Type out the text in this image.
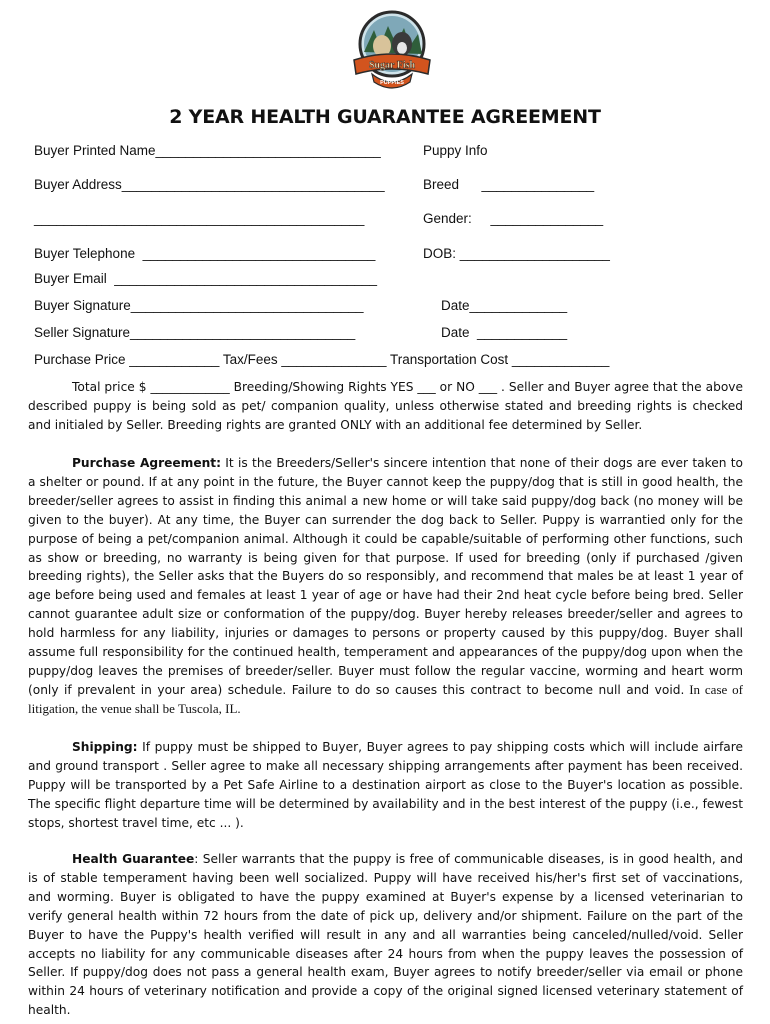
Sugar Fish
PUPPIES
2 YEAR HEALTH GUARANTEE AGREEMENT
Buyer Printed Name______________________________	Puppy Info
Buyer Address___________________________________	Breed      _______________
____________________________________________	Gender:     _______________
Buyer Telephone  _______________________________	DOB: ____________________
Buyer Email  ___________________________________
Buyer Signature_______________________________	Date_____________
Seller Signature______________________________	Date  ____________
Purchase Price ____________ Tax/Fees ______________ Transportation Cost _____________

Total price $ _____________ Breeding/Showing Rights YES ___ or NO ___ . Seller and Buyer agree that the above described puppy is being sold as pet/ companion quality, unless otherwise stated and breeding rights is checked and initialed by Seller. Breeding rights are granted ONLY with an additional fee determined by Seller.

Purchase Agreement: It is the Breeders/Seller's sincere intention that none of their dogs are ever taken to a shelter or pound. If at any point in the future, the Buyer cannot keep the puppy/dog that is still in good health, the breeder/seller agrees to assist in finding this animal a new home or will take said puppy/dog back (no money will be given to the buyer). At any time, the Buyer can surrender the dog back to Seller. Puppy is warrantied only for the purpose of being a pet/companion animal. Although it could be capable/suitable of performing other functions, such as show or breeding, no warranty is being given for that purpose. If used for breeding (only if purchased /given breeding rights), the Seller asks that the Buyers do so responsibly, and recommend that males be at least 1 year of age before being used and females at least 1 year of age or have had their 2nd heat cycle before being bred. Seller cannot guarantee adult size or conformation of the puppy/dog. Buyer hereby releases breeder/seller and agrees to hold harmless for any liability, injuries or damages to persons or property caused by this puppy/dog. Buyer shall assume full responsibility for the continued health, temperament and appearances of the puppy/dog upon when the puppy/dog leaves the premises of breeder/seller. Buyer must follow the regular vaccine, worming and heart worm (only if prevalent in your area) schedule. Failure to do so causes this contract to become null and void. In case of litigation, the venue shall be Tuscola, IL.

Shipping: If puppy must be shipped to Buyer, Buyer agrees to pay shipping costs which will include airfare and ground transport . Seller agree to make all necessary shipping arrangements after payment has been received. Puppy will be transported by a Pet Safe Airline to a destination airport as close to the Buyer's location as possible. The specific flight departure time will be determined by availability and in the best interest of the puppy (i.e., fewest stops, shortest travel time, etc ... ).

Health Guarantee: Seller warrants that the puppy is free of communicable diseases, is in good health, and is of stable temperament having been well socialized. Puppy will have received his/her's first set of vaccinations, and worming. Buyer is obligated to have the puppy examined at Buyer's expense by a licensed veterinarian to verify general health within 72 hours from the date of pick up, delivery and/or shipment. Failure on the part of the Buyer to have the Puppy's health verified will result in any and all warranties being canceled/nulled/void. Seller accepts no liability for any communicable diseases after 24 hours from when the puppy leaves the possession of Seller. If puppy/dog does not pass a general health exam, Buyer agrees to notify breeder/seller via email or phone within 24 hours of veterinary notification and provide a copy of the original signed licensed veterinary statement of health.
